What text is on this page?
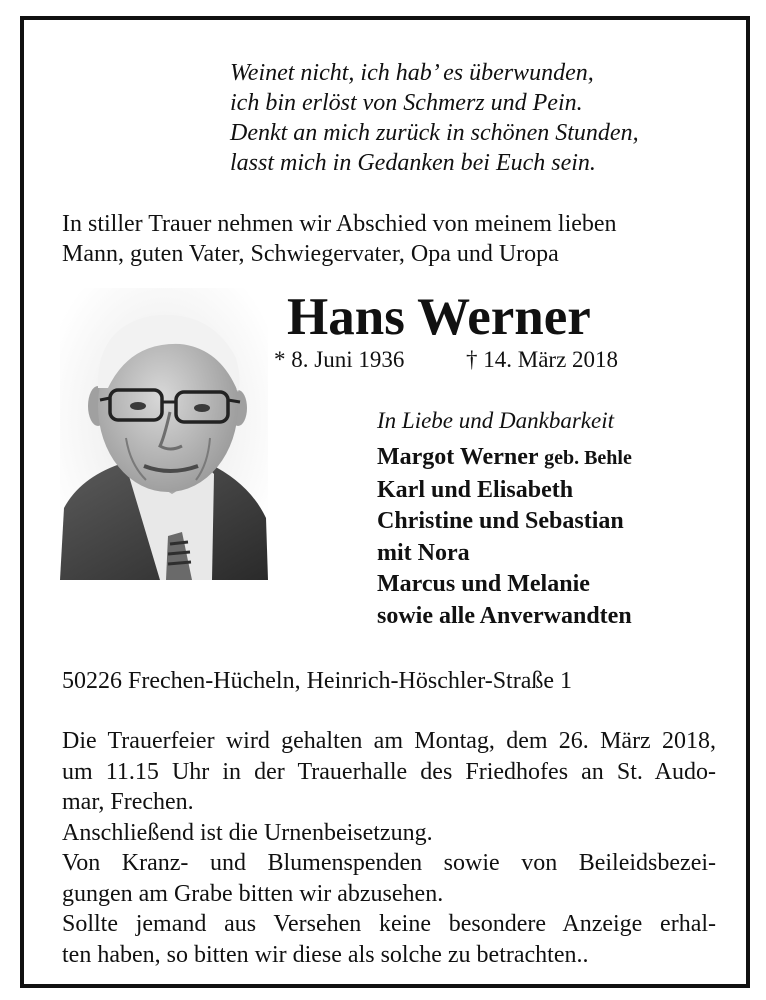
Weinet nicht, ich hab’ es überwunden,
ich bin erlöst von Schmerz und Pein.
Denkt an mich zurück in schönen Stunden,
lasst mich in Gedanken bei Euch sein.
In stiller Trauer nehmen wir Abschied von meinem lieben
Mann, guten Vater, Schwiegervater, Opa und Uropa
Hans Werner
* 8. Juni 1936	† 14. März 2018
In Liebe und Dankbarkeit
Margot Werner geb. Behle
Karl und Elisabeth
Christine und Sebastian
mit Nora
Marcus und Melanie
sowie alle Anverwandten
50226 Frechen-Hücheln, Heinrich-Höschler-Straße 1
Die Trauerfeier wird gehalten am Montag, dem 26. März 2018,
um 11.15 Uhr in der Trauerhalle des Friedhofes an St. Audo-
mar, Frechen.
Anschließend ist die Urnenbeisetzung.
Von Kranz- und Blumenspenden sowie von Beileidsbezei-
gungen am Grabe bitten wir abzusehen.
Sollte jemand aus Versehen keine besondere Anzeige erhal-
ten haben, so bitten wir diese als solche zu betrachten..
